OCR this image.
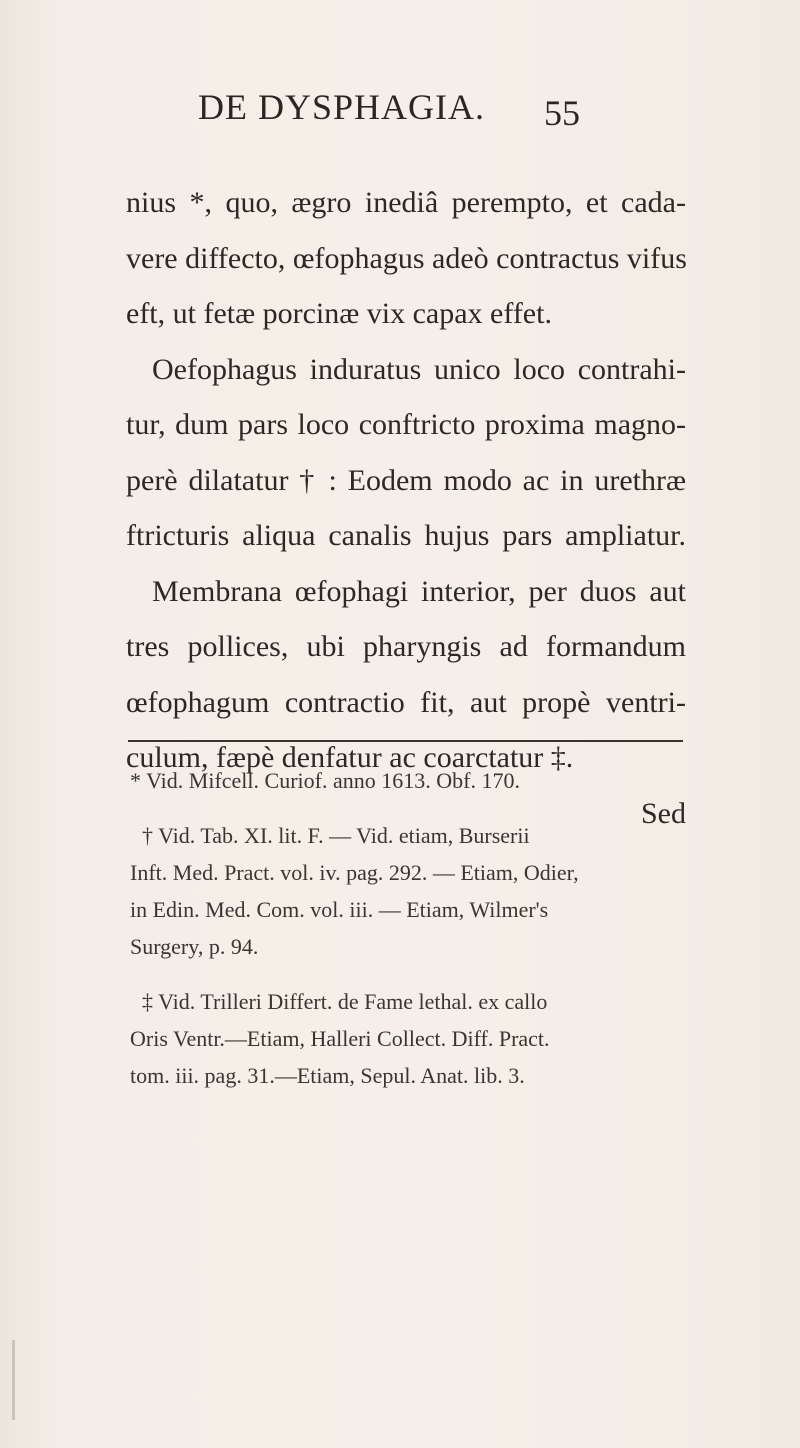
DE DYSPHAGIA. 55
nius *, quo, ægro inediâ perempto, et cada-
vere diffecto, œfophagus adeò contractus vifus
eft, ut fetæ porcinæ vix capax effet.
Oefophagus induratus unico loco contrahi-
tur, dum pars loco conftricto proxima magno-
perè dilatatur † : Eodem modo ac in urethræ
ftricturis aliqua canalis hujus pars ampliatur.
Membrana œfophagi interior, per duos aut
tres pollices, ubi pharyngis ad formandum
œfophagum contractio fit, aut propè ventri-
culum, fæpè denfatur ac coarctatur ‡.
Sed
* Vid. Mifcell. Curiof. anno 1613. Obf. 170.
† Vid. Tab. XI. lit. F. — Vid. etiam, Burserii
Inft. Med. Pract. vol. iv. pag. 292. — Etiam, Odier,
in Edin. Med. Com. vol. iii. — Etiam, Wilmer's
Surgery, p. 94.
‡ Vid. Trilleri Differt. de Fame lethal. ex callo
Oris Ventr.—Etiam, Halleri Collect. Diff. Pract.
tom. iii. pag. 31.—Etiam, Sepul. Anat. lib. 3.
